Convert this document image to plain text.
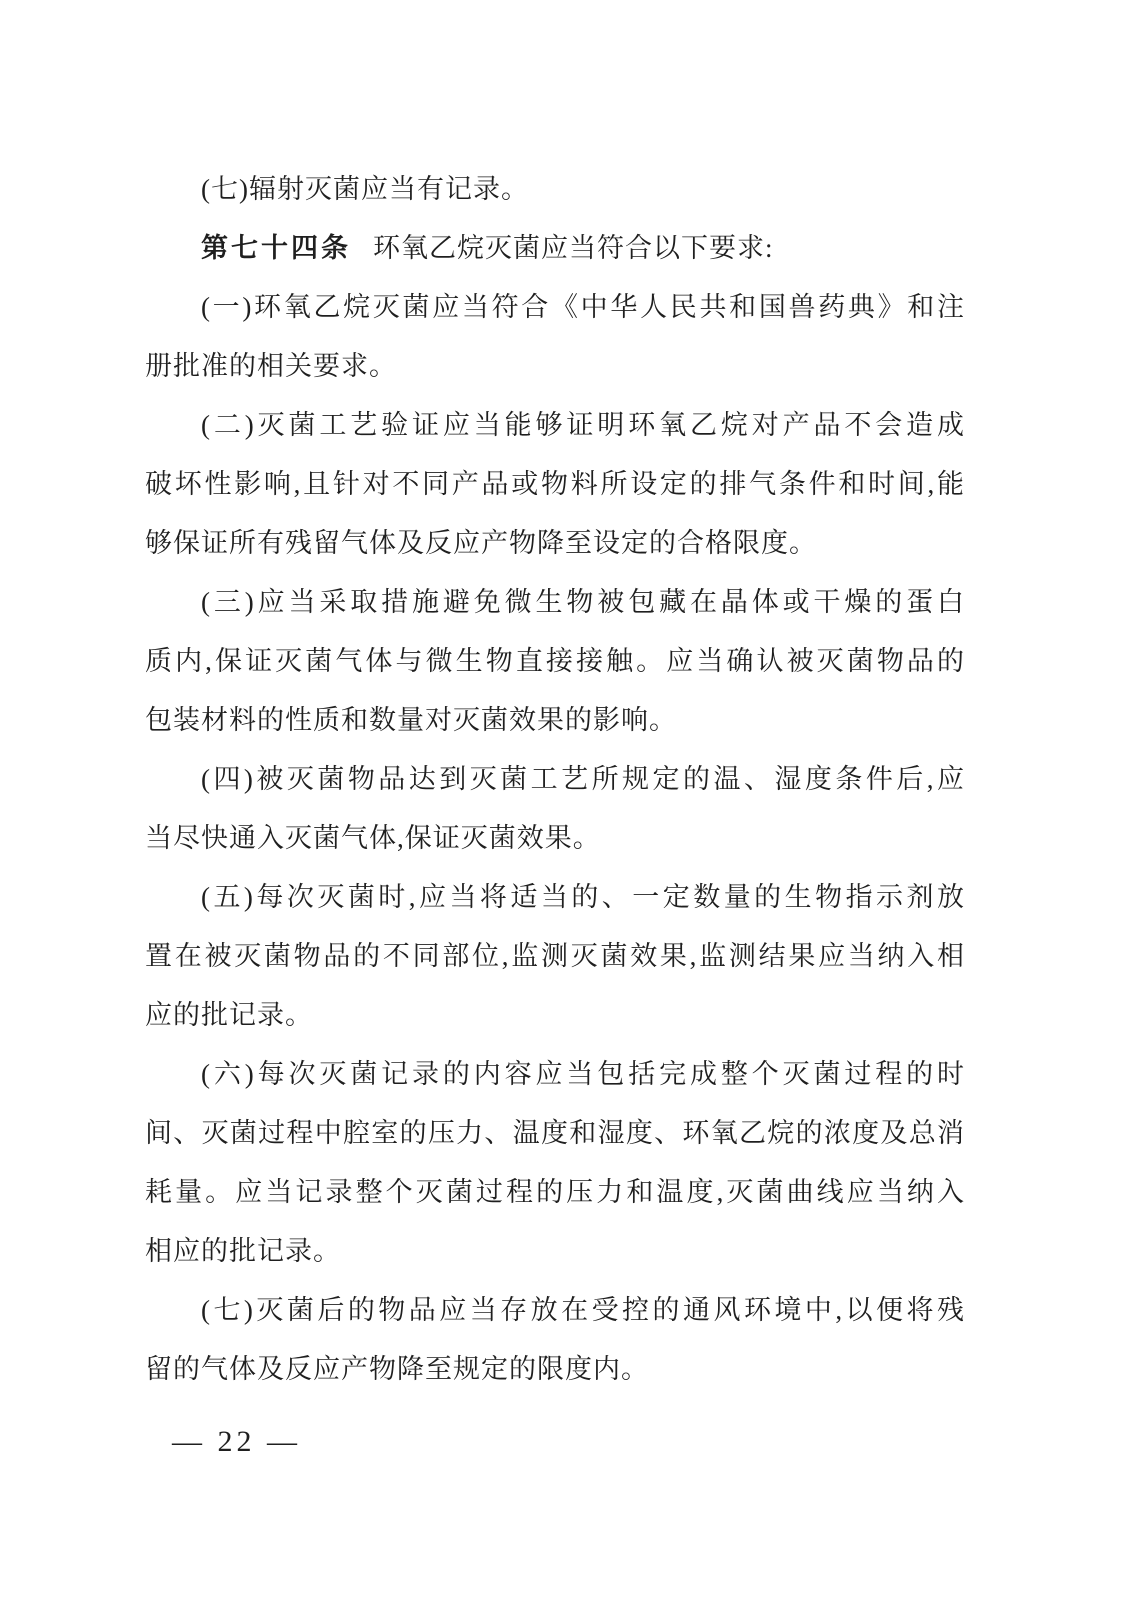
(七)辐射灭菌应当有记录。
第七十四条 环氧乙烷灭菌应当符合以下要求:
(一)环氧乙烷灭菌应当符合《中华人民共和国兽药典》和注
册批准的相关要求。
(二)灭菌工艺验证应当能够证明环氧乙烷对产品不会造成
破坏性影响,且针对不同产品或物料所设定的排气条件和时间,能
够保证所有残留气体及反应产物降至设定的合格限度。
(三)应当采取措施避免微生物被包藏在晶体或干燥的蛋白
质内,保证灭菌气体与微生物直接接触。应当确认被灭菌物品的
包装材料的性质和数量对灭菌效果的影响。
(四)被灭菌物品达到灭菌工艺所规定的温、湿度条件后,应
当尽快通入灭菌气体,保证灭菌效果。
(五)每次灭菌时,应当将适当的、一定数量的生物指示剂放
置在被灭菌物品的不同部位,监测灭菌效果,监测结果应当纳入相
应的批记录。
(六)每次灭菌记录的内容应当包括完成整个灭菌过程的时
间、灭菌过程中腔室的压力、温度和湿度、环氧乙烷的浓度及总消
耗量。应当记录整个灭菌过程的压力和温度,灭菌曲线应当纳入
相应的批记录。
(七)灭菌后的物品应当存放在受控的通风环境中,以便将残
留的气体及反应产物降至规定的限度内。
— 22 —
